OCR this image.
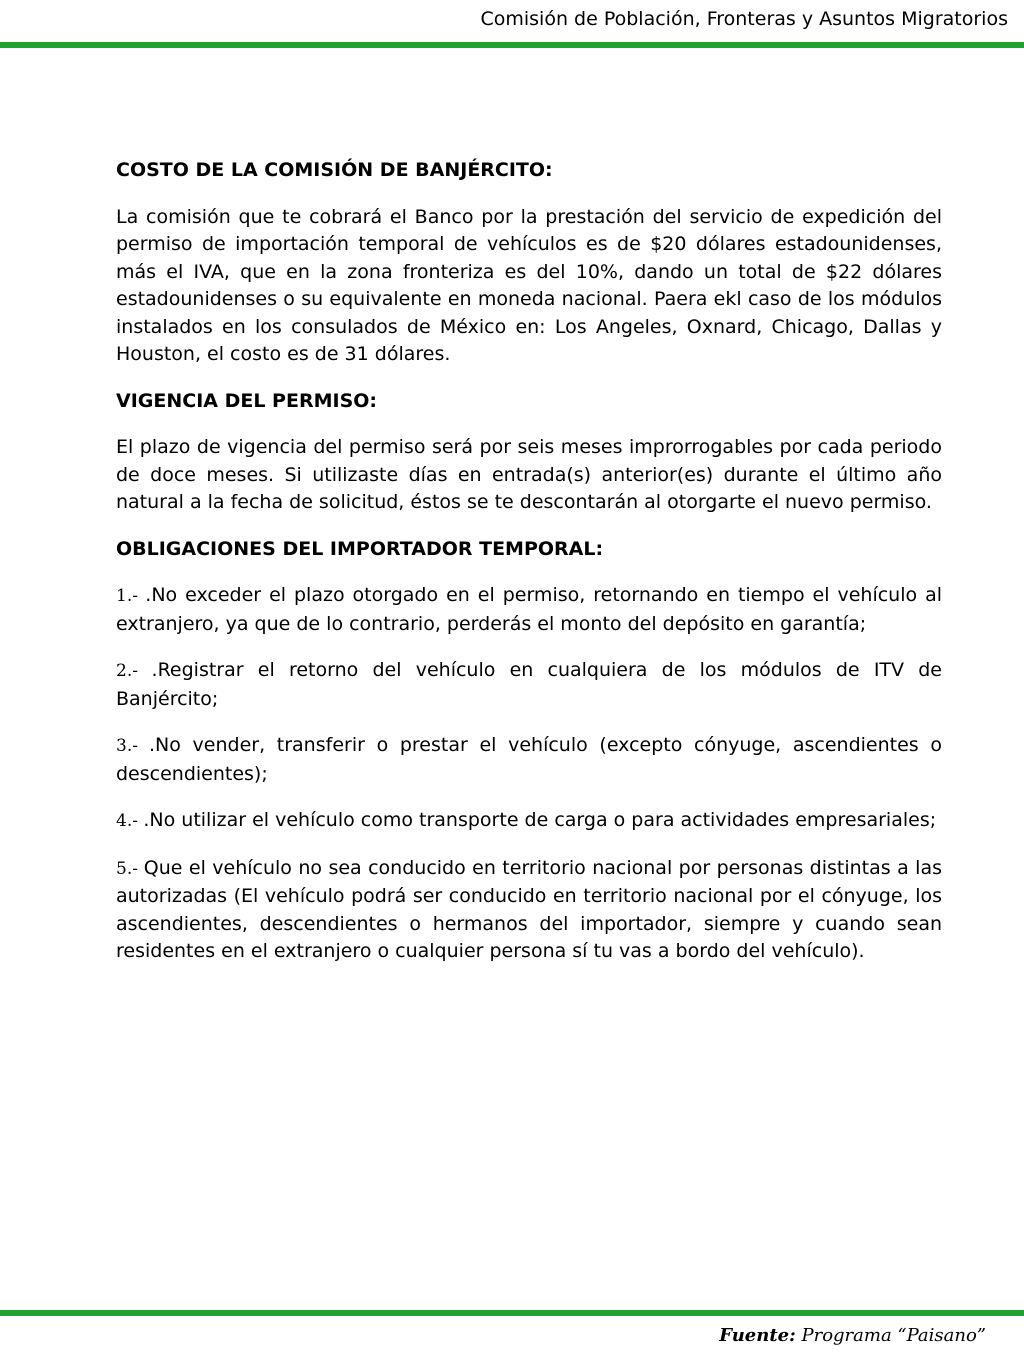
Comisión de Población, Fronteras y Asuntos Migratorios

COSTO DE LA COMISIÓN DE BANJÉRCITO:

La comisión que te cobrará el Banco por la prestación del servicio de expedición del permiso de importación temporal de vehículos es de $20 dólares estadounidenses, más el IVA, que en la zona fronteriza es del 10%, dando un total de $22 dólares estadounidenses o su equivalente en moneda nacional. Paera ekl caso de los módulos instalados en los consulados de México en: Los Angeles, Oxnard, Chicago, Dallas y Houston, el costo es de 31 dólares.

VIGENCIA DEL PERMISO:

El plazo de vigencia del permiso será por seis meses improrrogables por cada periodo de doce meses. Si utilizaste días en entrada(s) anterior(es) durante el último año natural a la fecha de solicitud, éstos se te descontarán al otorgarte el nuevo permiso.

OBLIGACIONES DEL IMPORTADOR TEMPORAL:

1.- .No exceder el plazo otorgado en el permiso, retornando en tiempo el vehículo al extranjero, ya que de lo contrario, perderás el monto del depósito en garantía;

2.- .Registrar el retorno del vehículo en cualquiera de los módulos de ITV de Banjército;

3.- .No vender, transferir o prestar el vehículo (excepto cónyuge, ascendientes o descendientes);

4.- .No utilizar el vehículo como transporte de carga o para actividades empresariales;

5.- Que el vehículo no sea conducido en territorio nacional por personas distintas a las autorizadas (El vehículo podrá ser conducido en territorio nacional por el cónyuge, los ascendientes, descendientes o hermanos del importador, siempre y cuando sean residentes en el extranjero o cualquier persona sí tu vas a bordo del vehículo).

Fuente: Programa “Paisano”
